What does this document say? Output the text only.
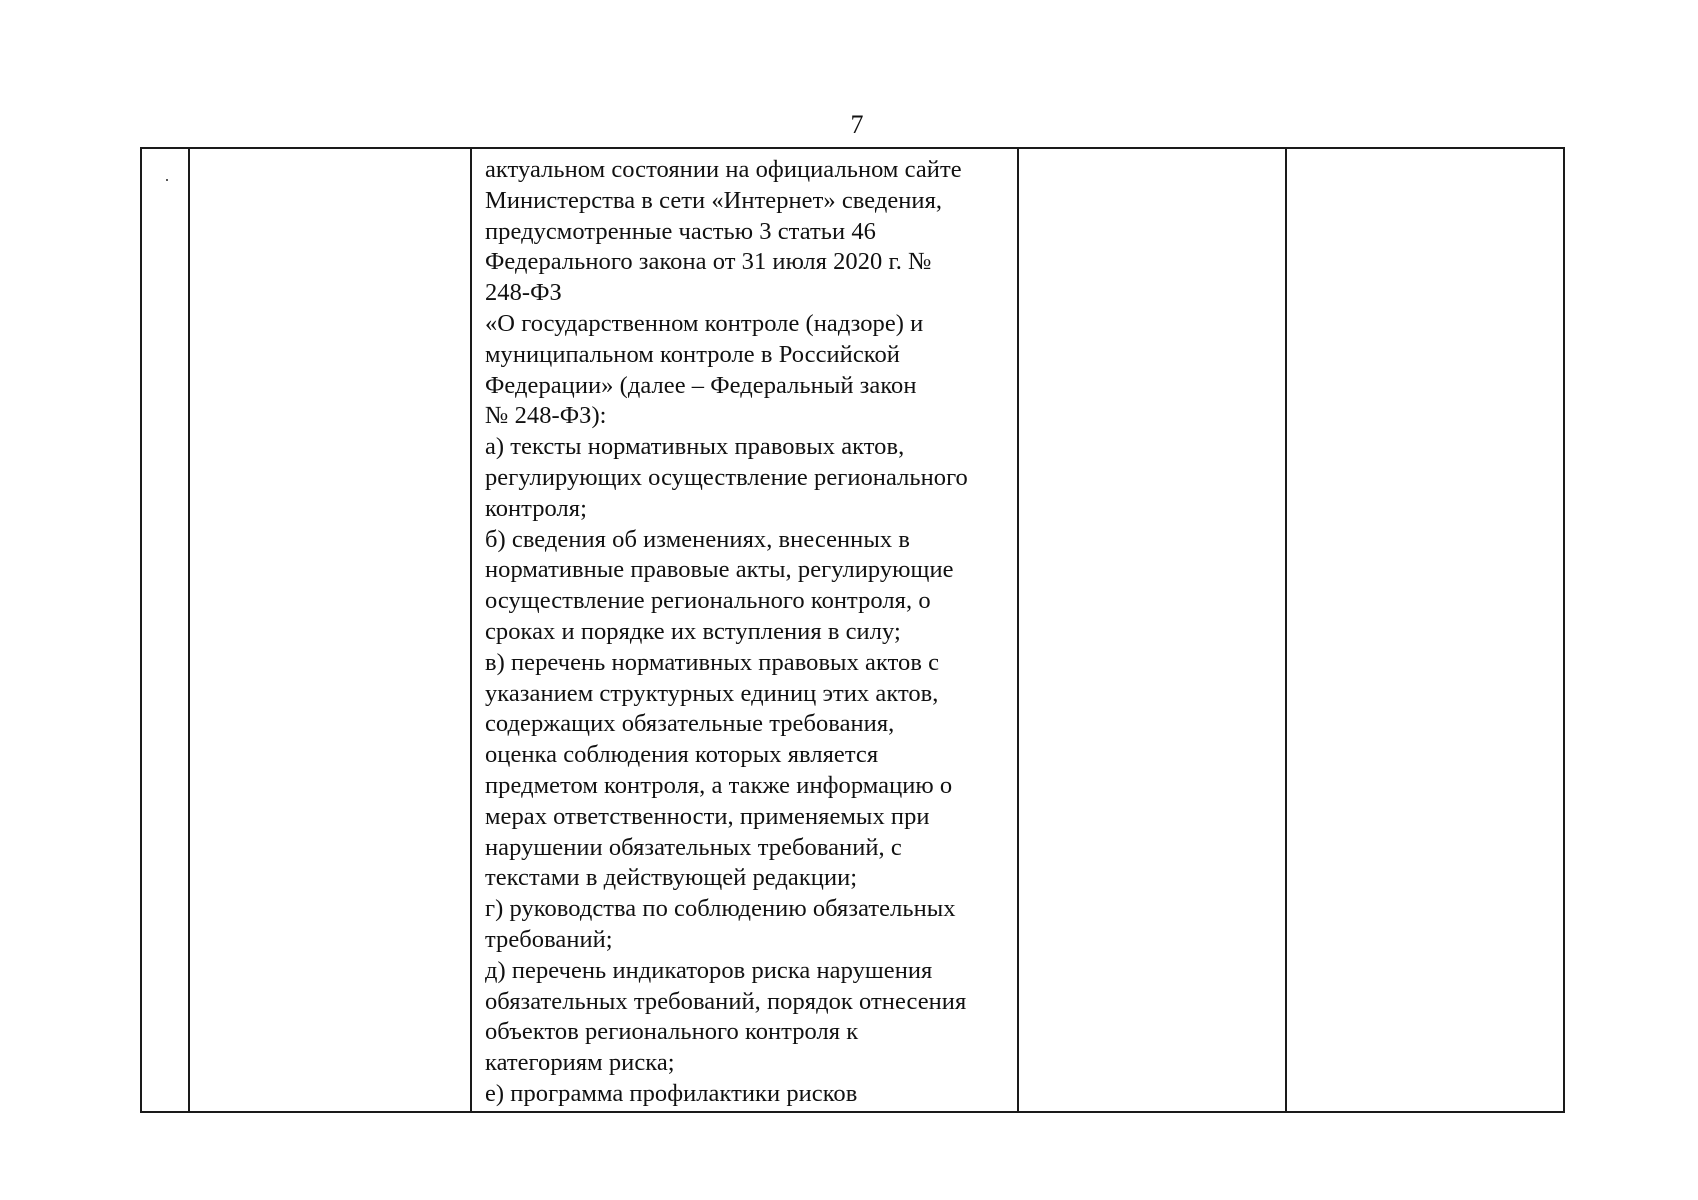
7
актуальном состоянии на официальном сайте
Министерства в сети «Интернет» сведения,
предусмотренные частью 3 статьи 46
Федерального закона от 31 июля 2020 г. №
248-ФЗ
«О государственном контроле (надзоре) и
муниципальном контроле в Российской
Федерации» (далее – Федеральный закон
№ 248-ФЗ):
а) тексты нормативных правовых актов,
регулирующих осуществление регионального
контроля;
б) сведения об изменениях, внесенных в
нормативные правовые акты, регулирующие
осуществление регионального контроля, о
сроках и порядке их вступления в силу;
в) перечень нормативных правовых актов с
указанием структурных единиц этих актов,
содержащих обязательные требования,
оценка соблюдения которых является
предметом контроля, а также информацию о
мерах ответственности, применяемых при
нарушении обязательных требований, с
текстами в действующей редакции;
г) руководства по соблюдению обязательных
требований;
д) перечень индикаторов риска нарушения
обязательных требований, порядок отнесения
объектов регионального контроля к
категориям риска;
е) программа профилактики рисков
